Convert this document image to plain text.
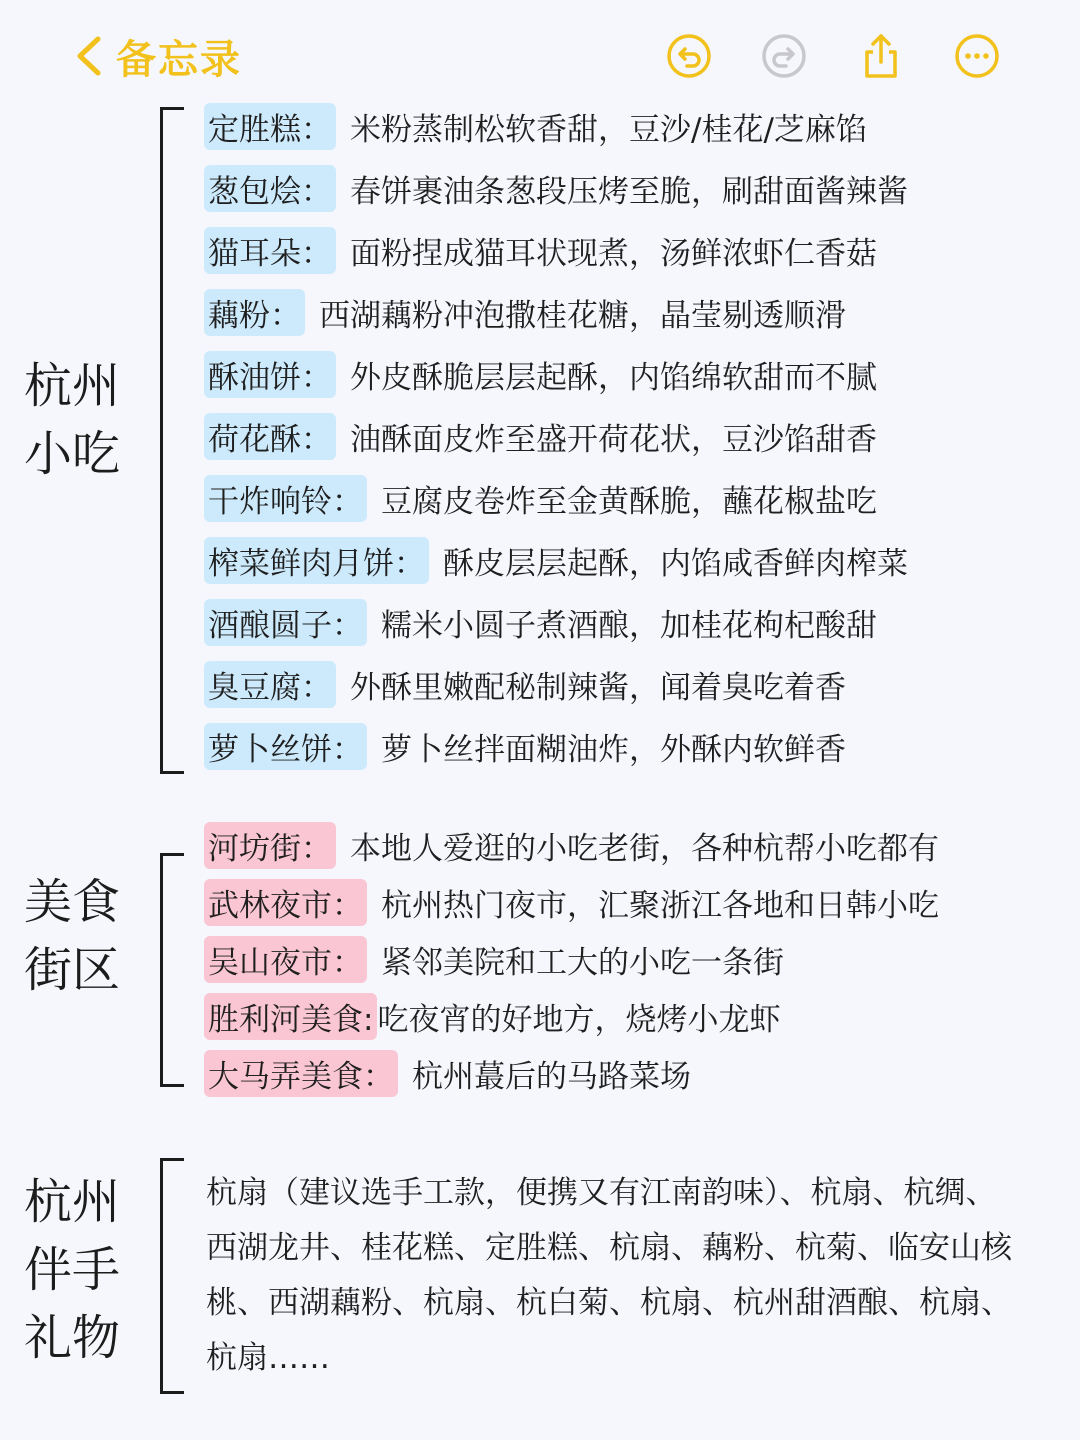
备忘录
杭州
小吃
定胜糕： 米粉蒸制松软香甜，豆沙/桂花/芝麻馅
葱包烩： 春饼裹油条葱段压烤至脆，刷甜面酱辣酱
猫耳朵： 面粉捏成猫耳状现煮，汤鲜浓虾仁香菇
藕粉： 西湖藕粉冲泡撒桂花糖，晶莹剔透顺滑
酥油饼： 外皮酥脆层层起酥，内馅绵软甜而不腻
荷花酥： 油酥面皮炸至盛开荷花状，豆沙馅甜香
干炸响铃： 豆腐皮卷炸至金黄酥脆，蘸花椒盐吃
榨菜鲜肉月饼： 酥皮层层起酥，内馅咸香鲜肉榨菜
酒酿圆子： 糯米小圆子煮酒酿，加桂花枸杞酸甜
臭豆腐： 外酥里嫩配秘制辣酱，闻着臭吃着香
萝卜丝饼： 萝卜丝拌面糊油炸，外酥内软鲜香
美食
街区
河坊街： 本地人爱逛的小吃老街，各种杭帮小吃都有
武林夜市： 杭州热门夜市，汇聚浙江各地和日韩小吃
吴山夜市： 紧邻美院和工大的小吃一条街
胜利河美食: 吃夜宵的好地方，烧烤小龙虾
大马弄美食： 杭州蕞后的马路菜场
杭州
伴手
礼物
杭扇（建议选手工款，便携又有江南韵味）、杭扇、杭绸、
西湖龙井、桂花糕、定胜糕、杭扇、藕粉、杭菊、临安山核
桃、西湖藕粉、杭扇、杭白菊、杭扇、杭州甜酒酿、杭扇、
杭扇……
